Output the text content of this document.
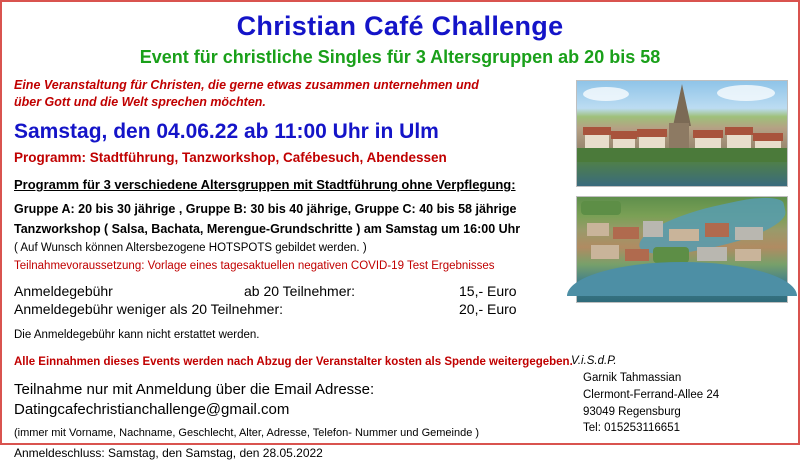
Christian Café Challenge
Event für christliche Singles für 3 Altersgruppen ab 20 bis 58
Eine Veranstaltung für Christen, die gerne etwas zusammen unternehmen und
über Gott und die Welt sprechen möchten.
Samstag, den 04.06.22 ab 11:00 Uhr in Ulm
Programm: Stadtführung, Tanzworkshop, Cafébesuch, Abendessen
Programm für 3 verschiedene Altersgruppen mit Stadtführung ohne Verpflegung:
Gruppe A: 20 bis 30 jährige , Gruppe B: 30 bis 40 jährige, Gruppe C: 40 bis 58 jährige
Tanzworkshop ( Salsa, Bachata, Merengue-Grundschritte ) am Samstag um 16:00 Uhr
( Auf Wunsch können Altersbezogene HOTSPOTS gebildet werden. )
Teilnahmevoraussetzung: Vorlage eines tagesaktuellen negativen COVID-19 Test Ergebnisses
Anmeldegebühr	ab 20 Teilnehmer:	15,- Euro
Anmeldegebühr weniger als 20 Teilnehmer:		20,- Euro
Die Anmeldegebühr kann nicht erstattet werden.
Alle Einnahmen dieses Events werden nach Abzug der Veranstalter kosten als Spende weitergegeben.
Teilnahme nur mit Anmeldung über die Email Adresse:
Datingcafechristianchallenge@gmail.com
(immer mit Vorname, Nachname, Geschlecht, Alter, Adresse, Telefon- Nummer und Gemeinde )
Anmeldeschluss: Samstag, den Samstag, den 28.05.2022
V.i.S.d.P.
Garnik Tahmassian
Clermont-Ferrand-Allee 24
93049 Regensburg
Tel: 015253116651
